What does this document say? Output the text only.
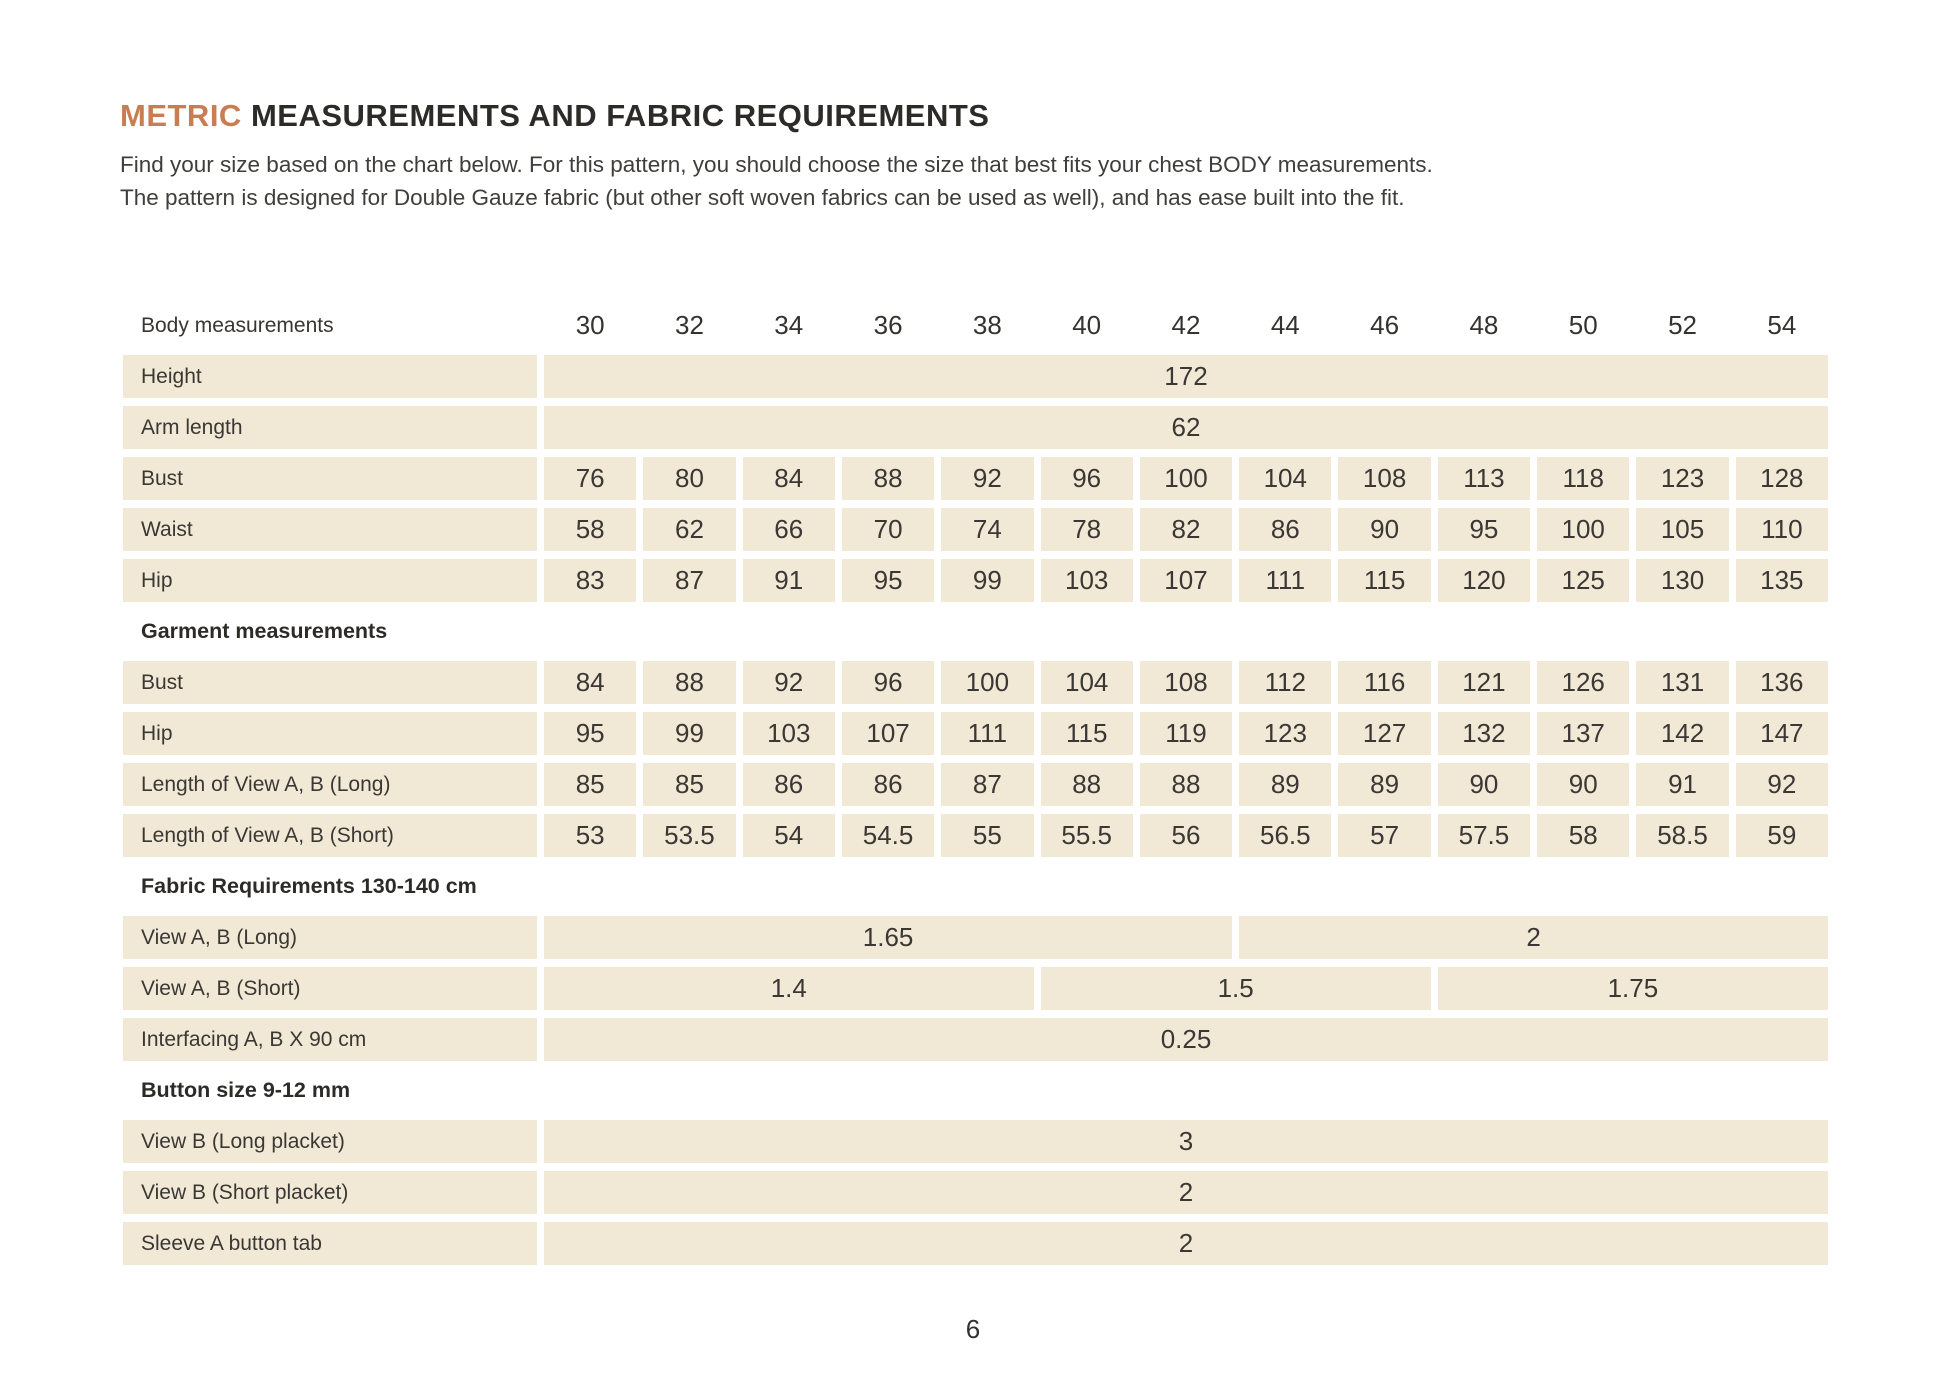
METRIC MEASUREMENTS AND FABRIC REQUIREMENTS
Find your size based on the chart below. For this pattern, you should choose the size that best fits your chest BODY measurements.
The pattern is designed for Double Gauze fabric (but other soft woven fabrics can be used as well), and has ease built into the fit.
Body measurements	30	32	34	36	38	40	42	44	46	48	50	52	54
Height	172
Arm length	62
Bust	76	80	84	88	92	96	100	104	108	113	118	123	128
Waist	58	62	66	70	74	78	82	86	90	95	100	105	110
Hip	83	87	91	95	99	103	107	111	115	120	125	130	135
Garment measurements
Bust	84	88	92	96	100	104	108	112	116	121	126	131	136
Hip	95	99	103	107	111	115	119	123	127	132	137	142	147
Length of View A, B (Long)	85	85	86	86	87	88	88	89	89	90	90	91	92
Length of View A, B (Short)	53	53.5	54	54.5	55	55.5	56	56.5	57	57.5	58	58.5	59
Fabric Requirements 130-140 cm
View A, B (Long)	1.65	2
View A, B (Short)	1.4	1.5	1.75
Interfacing A, B X 90 cm	0.25
Button size 9-12 mm
View B (Long placket)	3
View B (Short placket)	2
Sleeve A button tab	2
6
